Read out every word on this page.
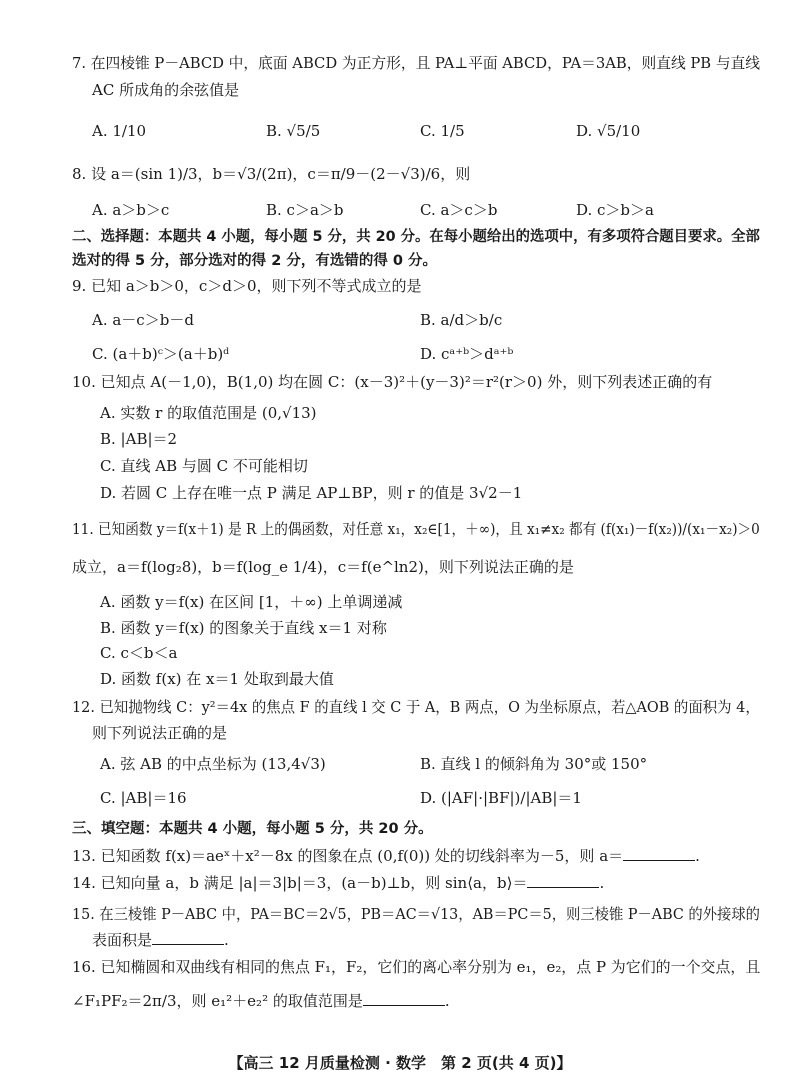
7. 在四棱锥 P－ABCD 中，底面 ABCD 为正方形，且 PA⊥平面 ABCD，PA＝3AB，则直线 PB 与直线
AC 所成角的余弦值是
A. 1/10	B. √5/5	C. 1/5	D. √5/10
8. 设 a＝(sin 1)/3，b＝√3/(2π)，c＝π/9－(2－√3)/6，则
A. a＞b＞c	B. c＞a＞b	C. a＞c＞b	D. c＞b＞a
二、选择题：本题共 4 小题，每小题 5 分，共 20 分。在每小题给出的选项中，有多项符合题目要求。全部
选对的得 5 分，部分选对的得 2 分，有选错的得 0 分。
9. 已知 a＞b＞0，c＞d＞0，则下列不等式成立的是
A. a－c＞b－d	B. a/d＞b/c
C. (a＋b)ᶜ＞(a＋b)ᵈ	D. cᵃ⁺ᵇ＞dᵃ⁺ᵇ
10. 已知点 A(－1,0)，B(1,0) 均在圆 C：(x－3)²＋(y－3)²＝r²(r＞0) 外，则下列表述正确的有
A. 实数 r 的取值范围是 (0,√13)
B. |AB|＝2
C. 直线 AB 与圆 C 不可能相切
D. 若圆 C 上存在唯一点 P 满足 AP⊥BP，则 r 的值是 3√2－1
11. 已知函数 y＝f(x＋1) 是 R 上的偶函数，对任意 x₁，x₂∈[1，＋∞)，且 x₁≠x₂ 都有 (f(x₁)－f(x₂))/(x₁－x₂)＞0
成立，a＝f(log₂8)，b＝f(log_e 1/4)，c＝f(e^ln2)，则下列说法正确的是
A. 函数 y＝f(x) 在区间 [1，＋∞) 上单调递减
B. 函数 y＝f(x) 的图象关于直线 x＝1 对称
C. c＜b＜a
D. 函数 f(x) 在 x＝1 处取到最大值
12. 已知抛物线 C：y²＝4x 的焦点 F 的直线 l 交 C 于 A，B 两点，O 为坐标原点，若△AOB 的面积为 4，
则下列说法正确的是
A. 弦 AB 的中点坐标为 (13,4√3)	B. 直线 l 的倾斜角为 30°或 150°
C. |AB|＝16	D. (|AF|·|BF|)/|AB|＝1
三、填空题：本题共 4 小题，每小题 5 分，共 20 分。
13. 已知函数 f(x)＝aeˣ＋x²－8x 的图象在点 (0,f(0)) 处的切线斜率为－5，则 a＝	.
14. 已知向量 a，b 满足 |a|＝3|b|＝3，(a－b)⊥b，则 sin⟨a，b⟩＝	.
15. 在三棱锥 P－ABC 中，PA＝BC＝2√5，PB＝AC＝√13，AB＝PC＝5，则三棱锥 P－ABC 的外接球的
表面积是	.
16. 已知椭圆和双曲线有相同的焦点 F₁，F₂，它们的离心率分别为 e₁，e₂，点 P 为它们的一个交点，且
∠F₁PF₂＝2π/3，则 e₁²＋e₂² 的取值范围是	.
【高三 12 月质量检测 · 数学　第 2 页(共 4 页)】
